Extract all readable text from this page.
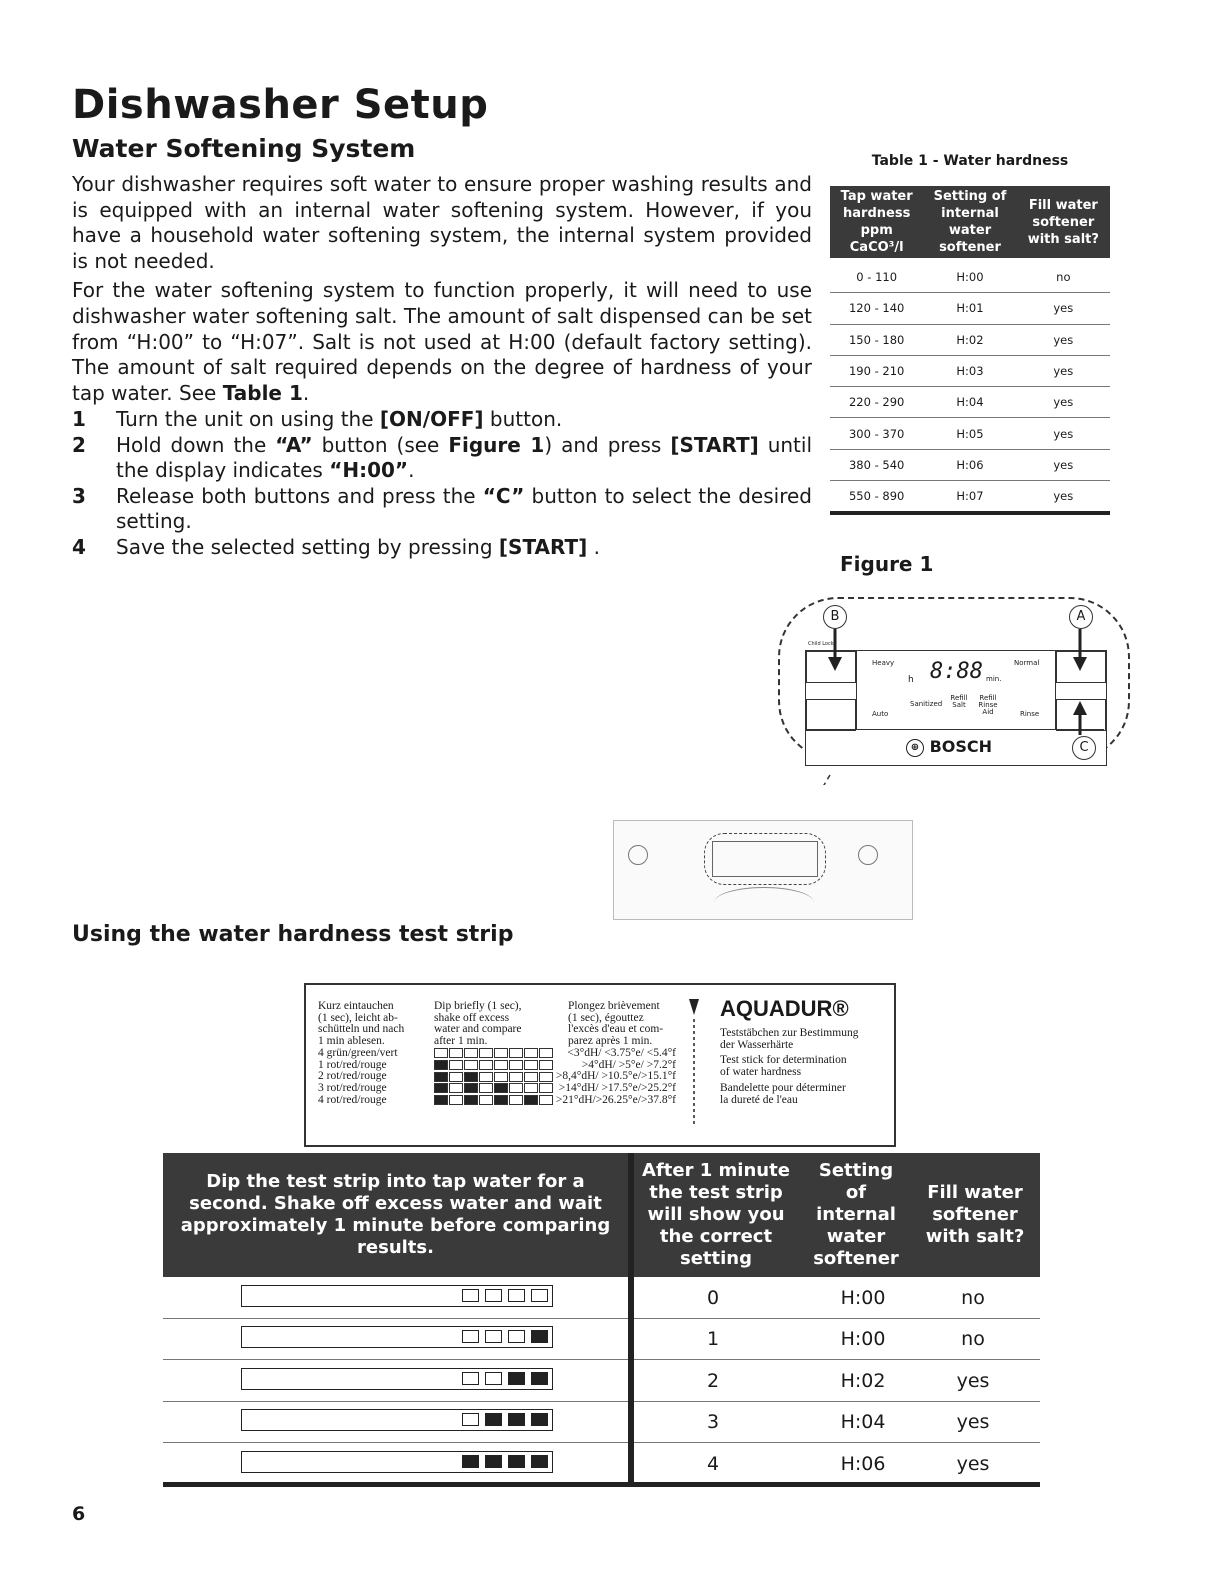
Dishwasher Setup
Water Softening System

Your dishwasher requires soft water to ensure proper washing results and is equipped with an internal water softening system. However, if you have a household water softening system, the internal system provided is not needed.

For the water softening system to function properly, it will need to use dishwasher water softening salt. The amount of salt dispensed can be set from “H:00” to “H:07”. Salt is not used at H:00 (default factory setting). The amount of salt required depends on the degree of hardness of your tap water. See Table 1.

1	Turn the unit on using the [ON/OFF] button.
2	Hold down the “A” button (see Figure 1) and press [START] until the display indicates “H:00”.
3	Release both buttons and press the “C” button to select the desired setting.
4	Save the selected setting by pressing [START] .
Table 1 - Water hardness
Tap water hardness ppm CaCO³/l
Setting of internal water softener
Fill water softener with salt?
0 - 110	H:00	no
120 - 140	H:01	yes
150 - 180	H:02	yes
190 - 210	H:03	yes
220 - 290	H:04	yes
300 - 370	H:05	yes
380 - 540	H:06	yes
550 - 890	H:07	yes
Figure 1
Heavy
Auto
Normal
Rinse
h 8:88 min.
Sanitized
Refill Salt
Refill Rinse Aid
Child Lock
⊕ BOSCH
B	A
C
Using the water hardness test strip
Kurz eintauchen
(1 sec), leicht ab-
schütteln und nach
1 min ablesen.
4 grün/green/vert
1 rot/red/rouge
2 rot/red/rouge
3 rot/red/rouge
4 rot/red/rouge
Dip briefly (1 sec),
shake off excess
water and compare
after 1 min.
Plongez brièvement
(1 sec), égouttez
l'excès d'eau et com-
parez après 1 min.
<3°dH/ <3.75°e/ <5.4°f
>4°dH/ >5°e/ >7.2°f
>8,4°dH/ >10.5°e/>15.1°f
>14°dH/ >17.5°e/>25.2°f
>21°dH/>26.25°e/>37.8°f
AQUADUR®
Teststäbchen zur Bestimmung
der Wasserhärte
Test stick for determination
of water hardness
Bandelette pour déterminer
la dureté de l'eau
Dip the test strip into tap water for a second. Shake off excess water and wait approximately 1 minute before comparing results.
After 1 minute the test strip will show you the correct setting
Setting of internal water softener
Fill water softener with salt?
0	H:00	no
1	H:00	no
2	H:02	yes
3	H:04	yes
4	H:06	yes
6
